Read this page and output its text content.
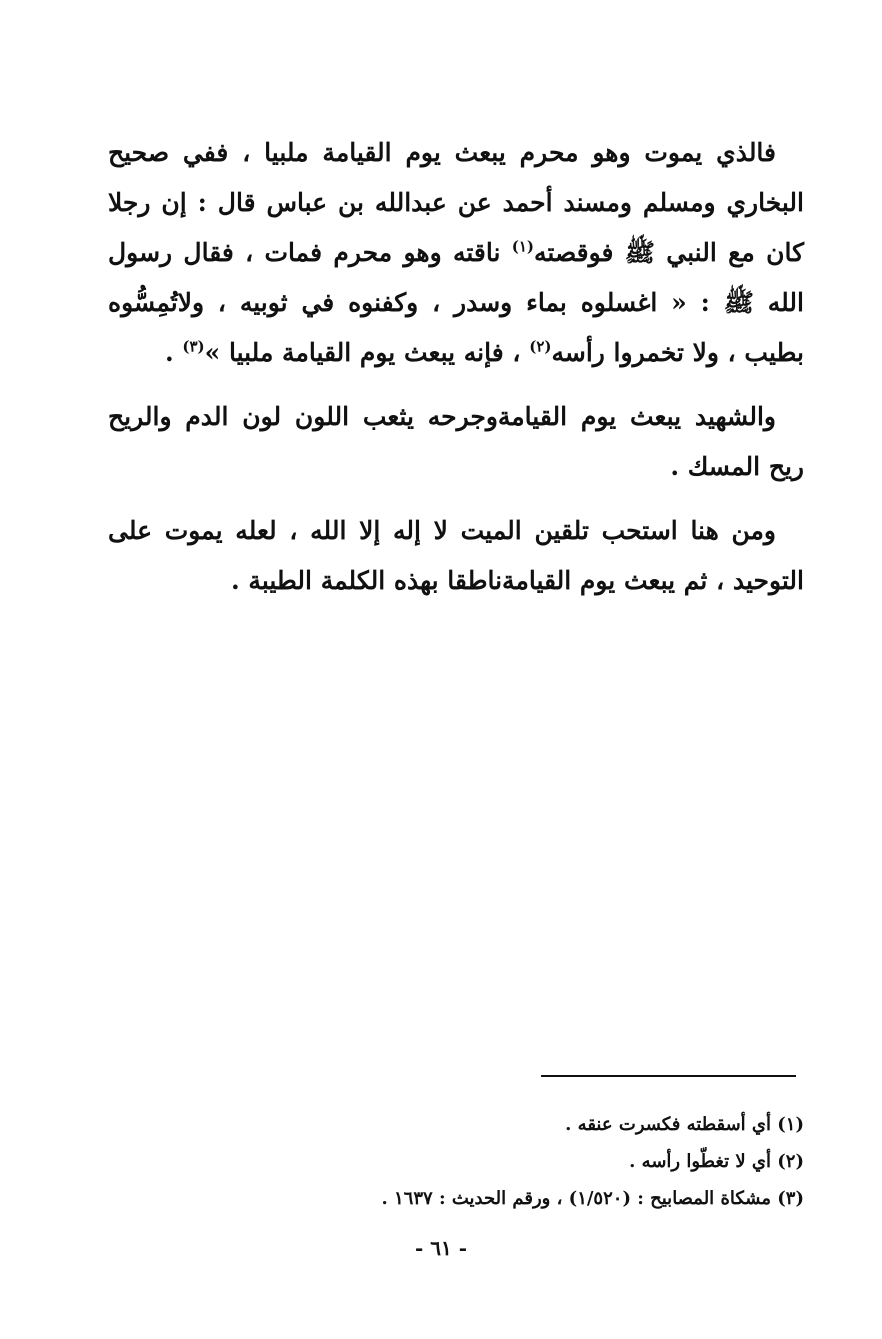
فالذي يموت وهو محرم يبعث يوم القيامة ملبيا ، ففي صحيح البخاري ومسلم ومسند أحمد عن عبدالله بن عباس قال : إن رجلا كان مع النبي ﷺ فوقصته$^{(١)}$ ناقته وهو محرم فمات ، فقال رسول الله ﷺ : « اغسلوه بماء وسدر ، وكفنوه في ثوبيه ، ولاتُمِسُّوه بطيب ، ولا تخمروا رأسه$^{(٢)}$ ، فإنه يبعث يوم القيامة ملبيا »$^{(٣)}$ .

والشهيد يبعث يوم القيامةوجرحه يثعب اللون لون الدم والريح ريح المسك .

ومن هنا استحب تلقين الميت لا إله إلا الله ، لعله يموت على التوحيد ، ثم يبعث يوم القيامةناطقا بهذه الكلمة الطيبة .

(١) أي أسقطته فكسرت عنقه .

(٢) أي لا تغطّوا رأسه .

(٣) مشكاة المصابيح : (١/٥٢٠) ، ورقم الحديث : ١٦٣٧ .

- ٦١ -
